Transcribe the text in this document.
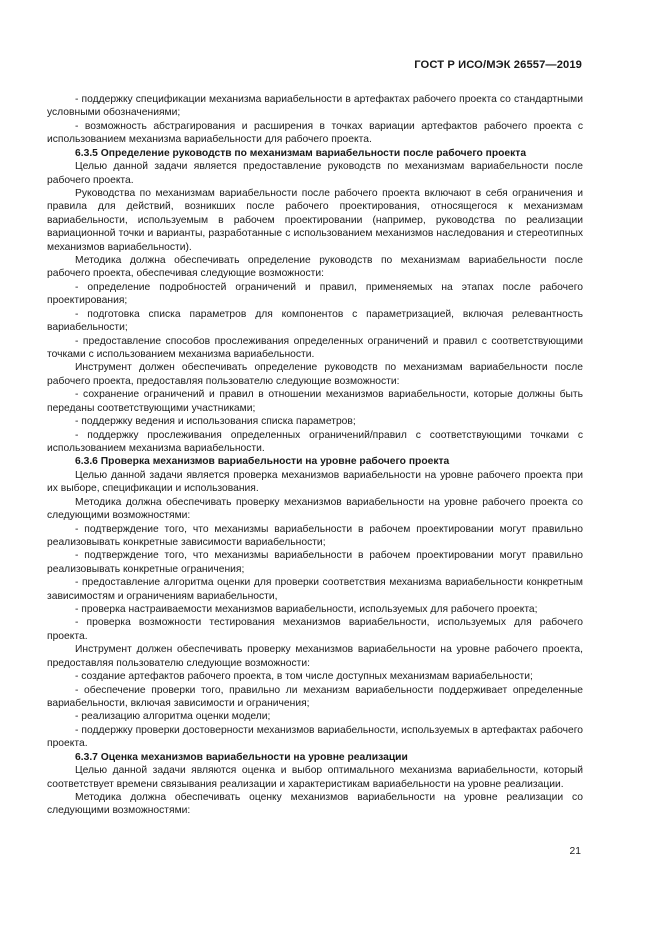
ГОСТ Р ИСО/МЭК 26557—2019

- поддержку спецификации механизма вариабельности в артефактах рабочего проекта со стандартными условными обозначениями;

- возможность абстрагирования и расширения в точках вариации артефактов рабочего проекта с использованием механизма вариабельности для рабочего проекта.

6.3.5 Определение руководств по механизмам вариабельности после рабочего проекта

Целью данной задачи является предоставление руководств по механизмам вариабельности после рабочего проекта.

Руководства по механизмам вариабельности после рабочего проекта включают в себя ограничения и правила для действий, возникших после рабочего проектирования, относящегося к механизмам вариабельности, используемым в рабочем проектировании (например, руководства по реализации вариационной точки и варианты, разработанные с использованием механизмов наследования и стереотипных механизмов вариабельности).

Методика должна обеспечивать определение руководств по механизмам вариабельности после рабочего проекта, обеспечивая следующие возможности:

- определение подробностей ограничений и правил, применяемых на этапах после рабочего проектирования;

- подготовка списка параметров для компонентов с параметризацией, включая релевантность вариабельности;

- предоставление способов прослеживания определенных ограничений и правил с соответствующими точками с использованием механизма вариабельности.

Инструмент должен обеспечивать определение руководств по механизмам вариабельности после рабочего проекта, предоставляя пользователю следующие возможности:

- сохранение ограничений и правил в отношении механизмов вариабельности, которые должны быть переданы соответствующими участниками;

- поддержку ведения и использования списка параметров;

- поддержку прослеживания определенных ограничений/правил с соответствующими точками с использованием механизма вариабельности.

6.3.6 Проверка механизмов вариабельности на уровне рабочего проекта

Целью данной задачи является проверка механизмов вариабельности на уровне рабочего проекта при их выборе, спецификации и использования.

Методика должна обеспечивать проверку механизмов вариабельности на уровне рабочего проекта со следующими возможностями:

- подтверждение того, что механизмы вариабельности в рабочем проектировании могут правильно реализовывать конкретные зависимости вариабельности;

- подтверждение того, что механизмы вариабельности в рабочем проектировании могут правильно реализовывать конкретные ограничения;

- предоставление алгоритма оценки для проверки соответствия механизма вариабельности конкретным зависимостям и ограничениям вариабельности,

- проверка настраиваемости механизмов вариабельности, используемых для рабочего проекта;

- проверка возможности тестирования механизмов вариабельности, используемых для рабочего проекта.

Инструмент должен обеспечивать проверку механизмов вариабельности на уровне рабочего проекта, предоставляя пользователю следующие возможности:

- создание артефактов рабочего проекта, в том числе доступных механизмам вариабельности;

- обеспечение проверки того, правильно ли механизм вариабельности поддерживает определенные вариабельности, включая зависимости и ограничения;

- реализацию алгоритма оценки модели;

- поддержку проверки достоверности механизмов вариабельности, используемых в артефактах рабочего проекта.

6.3.7 Оценка механизмов вариабельности на уровне реализации

Целью данной задачи являются оценка и выбор оптимального механизма вариабельности, который соответствует времени связывания реализации и характеристикам вариабельности на уровне реализации.

Методика должна обеспечивать оценку механизмов вариабельности на уровне реализации со следующими возможностями:

21
